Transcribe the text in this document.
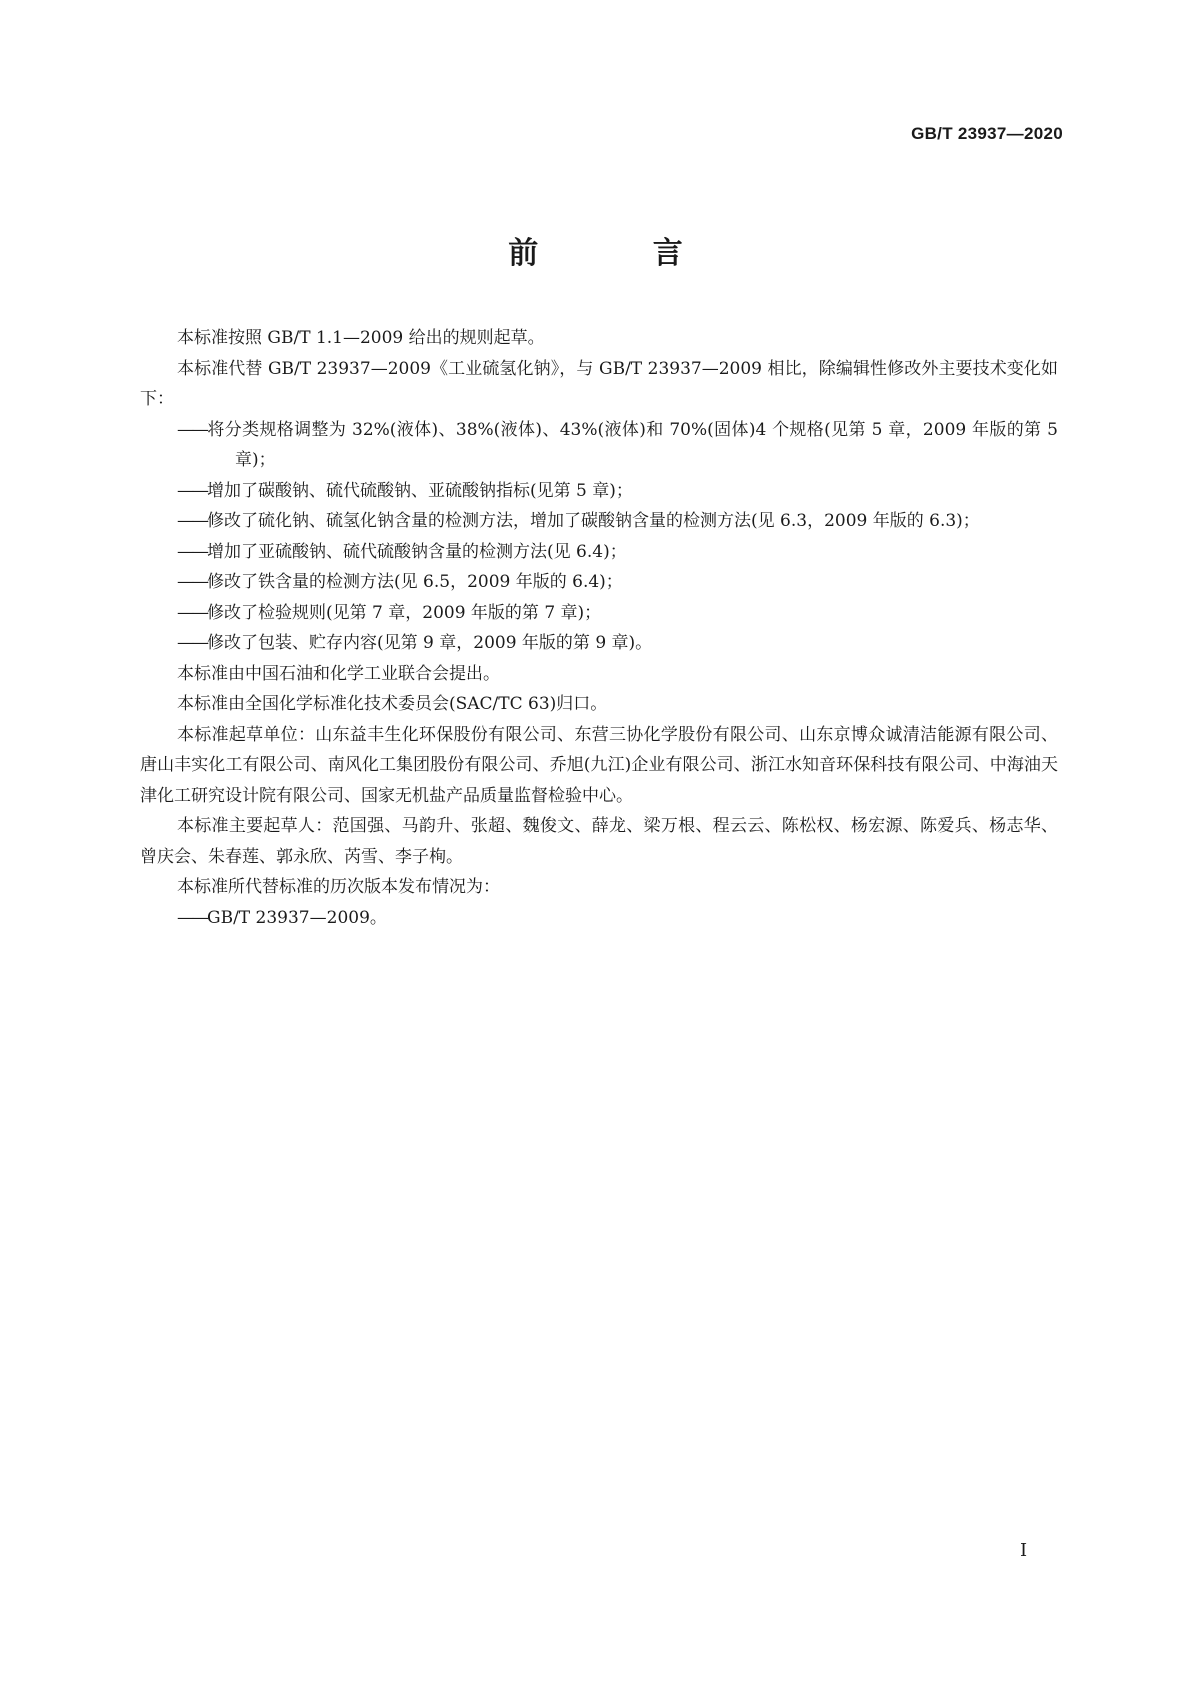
GB/T 23937—2020
前 言

本标准按照 GB/T 1.1—2009 给出的规则起草。

本标准代替 GB/T 23937—2009《工业硫氢化钠》，与 GB/T 23937—2009 相比，除编辑性修改外主要技术变化如下：

——将分类规格调整为 32%(液体)、38%(液体)、43%(液体)和 70%(固体)4 个规格(见第 5 章，2009 年版的第 5 章)；

——增加了碳酸钠、硫代硫酸钠、亚硫酸钠指标(见第 5 章)；

——修改了硫化钠、硫氢化钠含量的检测方法，增加了碳酸钠含量的检测方法(见 6.3，2009 年版的 6.3)；

——增加了亚硫酸钠、硫代硫酸钠含量的检测方法(见 6.4)；

——修改了铁含量的检测方法(见 6.5，2009 年版的 6.4)；

——修改了检验规则(见第 7 章，2009 年版的第 7 章)；

——修改了包装、贮存内容(见第 9 章，2009 年版的第 9 章)。

本标准由中国石油和化学工业联合会提出。

本标准由全国化学标准化技术委员会(SAC/TC 63)归口。

本标准起草单位：山东益丰生化环保股份有限公司、东营三协化学股份有限公司、山东京博众诚清洁能源有限公司、唐山丰实化工有限公司、南风化工集团股份有限公司、乔旭(九江)企业有限公司、浙江水知音环保科技有限公司、中海油天津化工研究设计院有限公司、国家无机盐产品质量监督检验中心。

本标准主要起草人：范国强、马韵升、张超、魏俊文、薛龙、梁万根、程云云、陈松权、杨宏源、陈爱兵、杨志华、曾庆会、朱春莲、郭永欣、芮雪、李子栒。

本标准所代替标准的历次版本发布情况为：

——GB/T 23937—2009。

I
